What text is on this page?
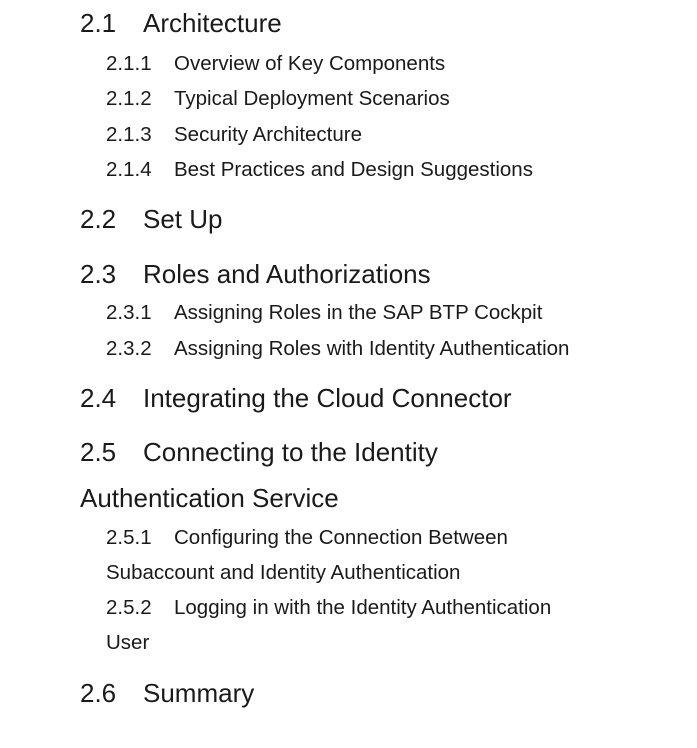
2.1 Architecture
2.1.1 Overview of Key Components
2.1.2 Typical Deployment Scenarios
2.1.3 Security Architecture
2.1.4 Best Practices and Design Suggestions
2.2 Set Up
2.3 Roles and Authorizations
2.3.1 Assigning Roles in the SAP BTP Cockpit
2.3.2 Assigning Roles with Identity Authentication
2.4 Integrating the Cloud Connector
2.5 Connecting to the Identity
Authentication Service
2.5.1 Configuring the Connection Between
Subaccount and Identity Authentication
2.5.2 Logging in with the Identity Authentication
User
2.6 Summary
